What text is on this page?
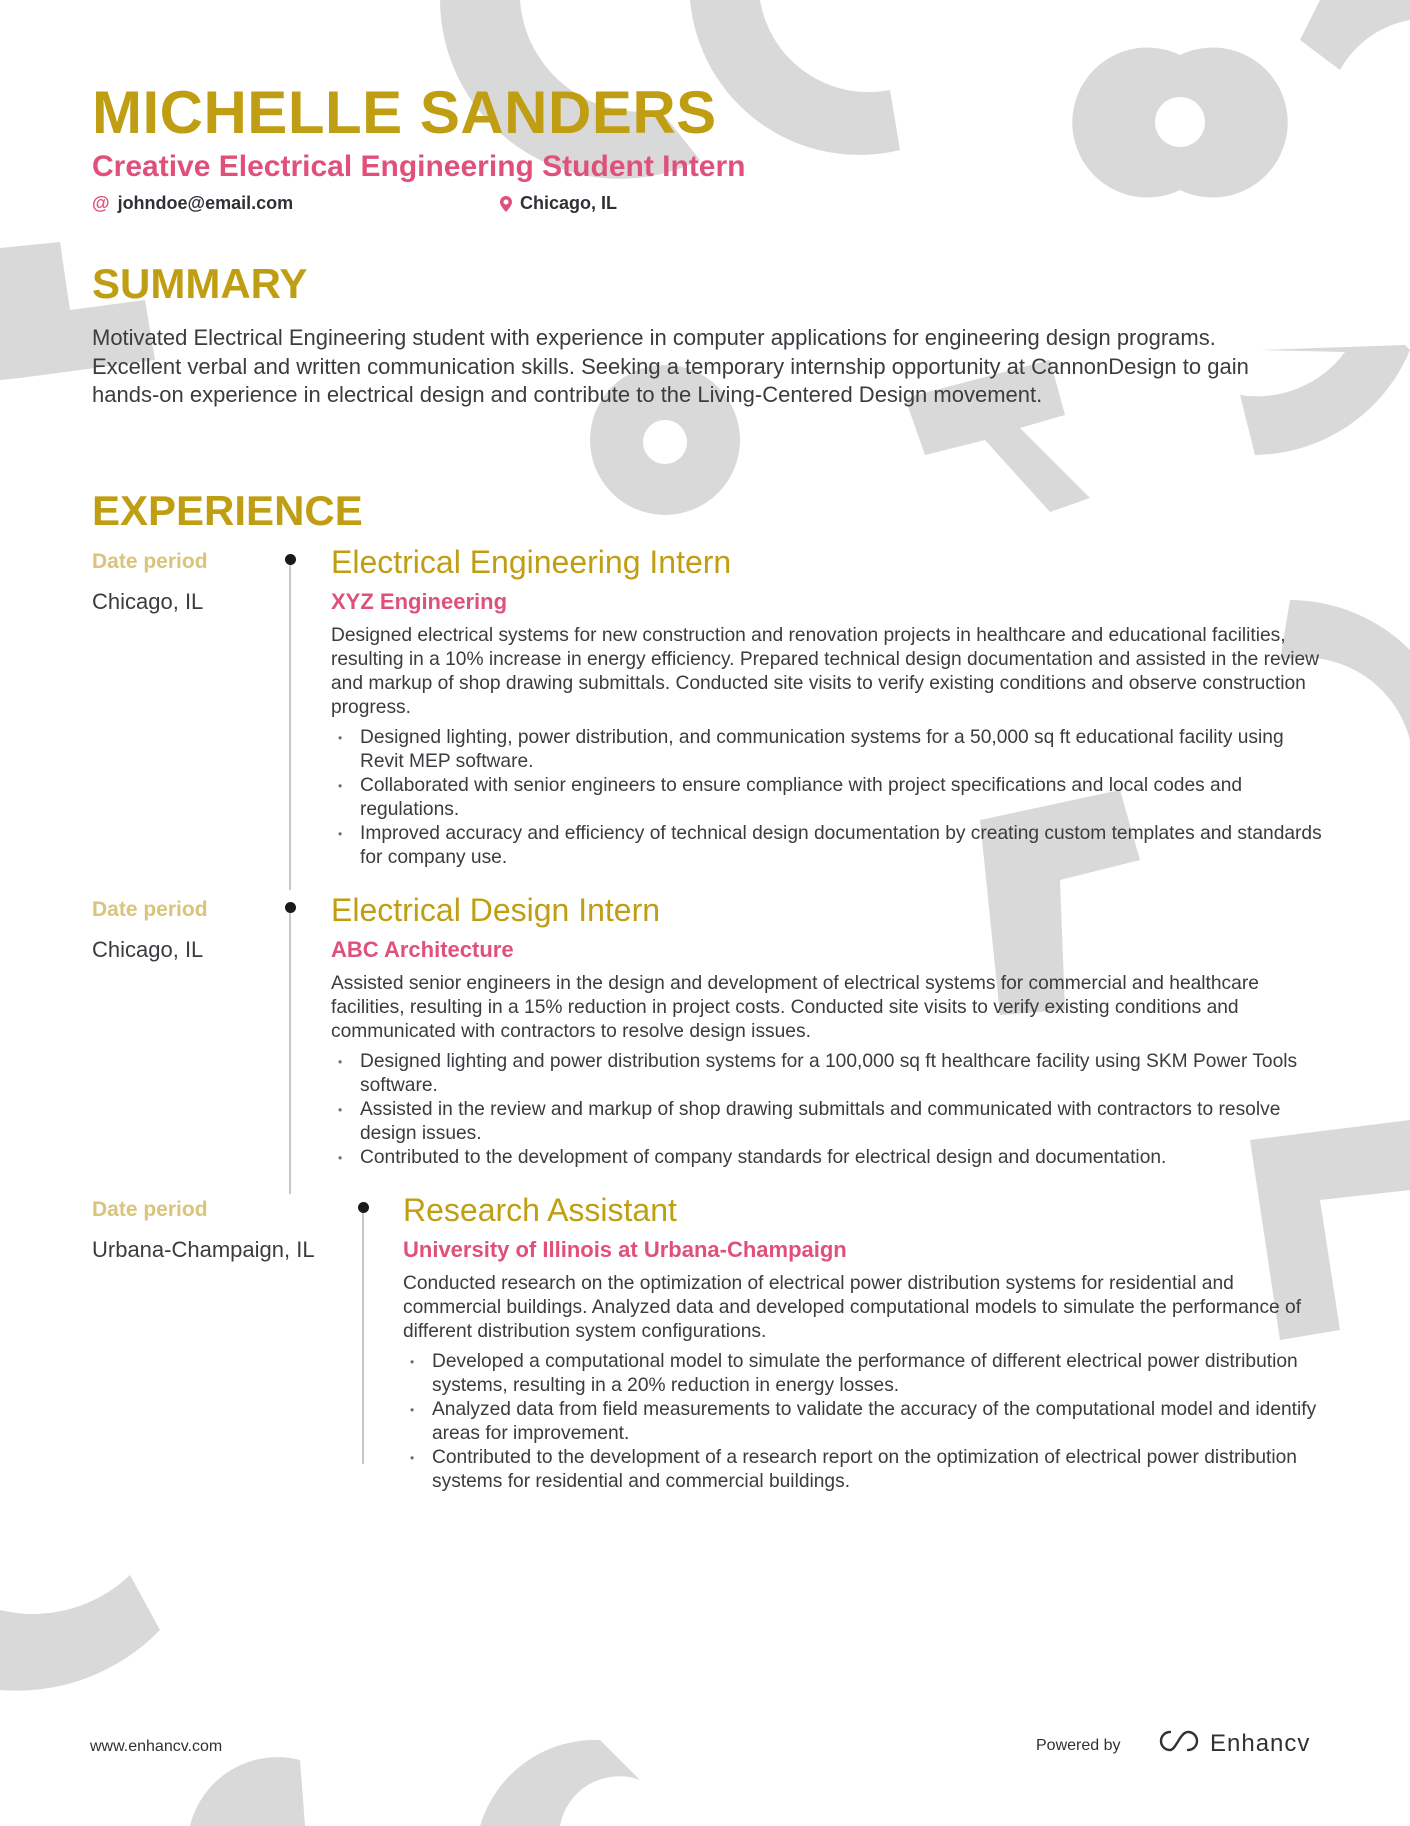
MICHELLE SANDERS
Creative Electrical Engineering Student Intern
@ johndoe@email.com	Chicago, IL
SUMMARY

Motivated Electrical Engineering student with experience in computer applications for engineering design programs. Excellent verbal and written communication skills. Seeking a temporary internship opportunity at CannonDesign to gain hands-on experience in electrical design and contribute to the Living-Centered Design movement.

EXPERIENCE
Date period
Chicago, IL
Electrical Engineering Intern
XYZ Engineering

Designed electrical systems for new construction and renovation projects in healthcare and educational facilities, resulting in a 10% increase in energy efficiency. Prepared technical design documentation and assisted in the review and markup of shop drawing submittals. Conducted site visits to verify existing conditions and observe construction progress.

• Designed lighting, power distribution, and communication systems for a 50,000 sq ft educational facility using Revit MEP software.
• Collaborated with senior engineers to ensure compliance with project specifications and local codes and regulations.
• Improved accuracy and efficiency of technical design documentation by creating custom templates and standards for company use.
Date period
Chicago, IL
Electrical Design Intern
ABC Architecture

Assisted senior engineers in the design and development of electrical systems for commercial and healthcare facilities, resulting in a 15% reduction in project costs. Conducted site visits to verify existing conditions and communicated with contractors to resolve design issues.

• Designed lighting and power distribution systems for a 100,000 sq ft healthcare facility using SKM Power Tools software.
• Assisted in the review and markup of shop drawing submittals and communicated with contractors to resolve design issues.
• Contributed to the development of company standards for electrical design and documentation.
Date period
Urbana-Champaign, IL
Research Assistant
University of Illinois at Urbana-Champaign

Conducted research on the optimization of electrical power distribution systems for residential and commercial buildings. Analyzed data and developed computational models to simulate the performance of different distribution system configurations.

• Developed a computational model to simulate the performance of different electrical power distribution systems, resulting in a 20% reduction in energy losses.
• Analyzed data from field measurements to validate the accuracy of the computational model and identify areas for improvement.
• Contributed to the development of a research report on the optimization of electrical power distribution systems for residential and commercial buildings.
www.enhancv.com	Powered by	Enhancv
